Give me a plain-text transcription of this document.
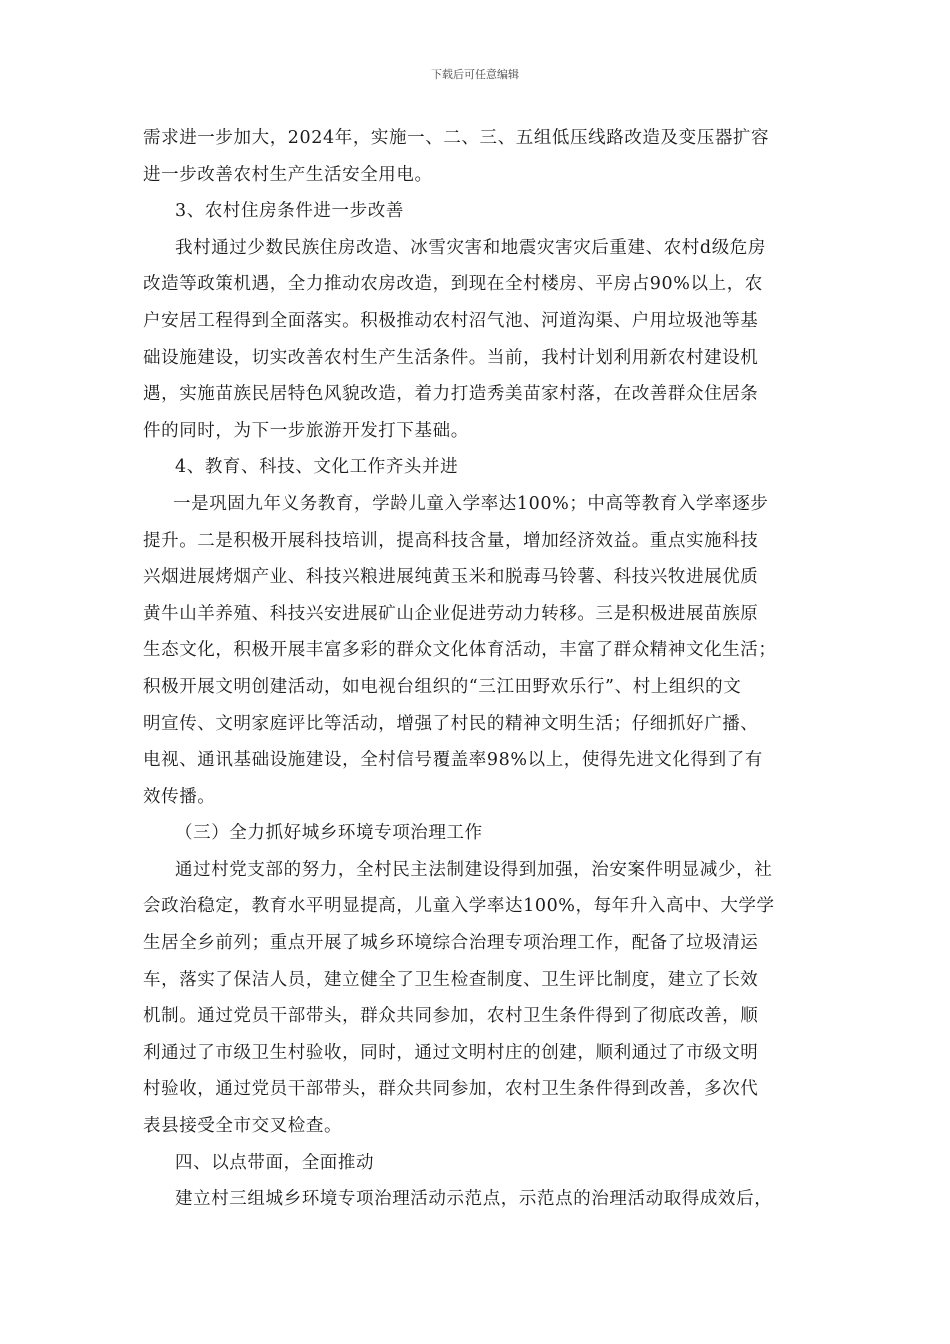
下载后可任意编辑
需求进一步加大，2024年，实施一、二、三、五组低压线路改造及变压器扩容
进一步改善农村生产生活安全用电。
3、农村住房条件进一步改善
我村通过少数民族住房改造、冰雪灾害和地震灾害灾后重建、农村d级危房
改造等政策机遇，全力推动农房改造，到现在全村楼房、平房占90%以上，农
户安居工程得到全面落实。积极推动农村沼气池、河道沟渠、户用垃圾池等基
础设施建设，切实改善农村生产生活条件。当前，我村计划利用新农村建设机
遇，实施苗族民居特色风貌改造，着力打造秀美苗家村落，在改善群众住居条
件的同时，为下一步旅游开发打下基础。
4、教育、科技、文化工作齐头并进
一是巩固九年义务教育，学龄儿童入学率达100%；中高等教育入学率逐步
提升。二是积极开展科技培训，提高科技含量，增加经济效益。重点实施科技
兴烟进展烤烟产业、科技兴粮进展纯黄玉米和脱毒马铃薯、科技兴牧进展优质
黄牛山羊养殖、科技兴安进展矿山企业促进劳动力转移。三是积极进展苗族原
生态文化，积极开展丰富多彩的群众文化体育活动，丰富了群众精神文化生活；
积极开展文明创建活动，如电视台组织的“三江田野欢乐行”、村上组织的文
明宣传、文明家庭评比等活动，增强了村民的精神文明生活；仔细抓好广播、
电视、通讯基础设施建设，全村信号覆盖率98%以上，使得先进文化得到了有
效传播。
（三）全力抓好城乡环境专项治理工作
通过村党支部的努力，全村民主法制建设得到加强，治安案件明显减少，社
会政治稳定，教育水平明显提高，儿童入学率达100%，每年升入高中、大学学
生居全乡前列；重点开展了城乡环境综合治理专项治理工作，配备了垃圾清运
车，落实了保洁人员，建立健全了卫生检查制度、卫生评比制度，建立了长效
机制。通过党员干部带头，群众共同参加，农村卫生条件得到了彻底改善，顺
利通过了市级卫生村验收，同时，通过文明村庄的创建，顺利通过了市级文明
村验收，通过党员干部带头，群众共同参加，农村卫生条件得到改善，多次代
表县接受全市交叉检查。
四、以点带面，全面推动
建立村三组城乡环境专项治理活动示范点，示范点的治理活动取得成效后，
